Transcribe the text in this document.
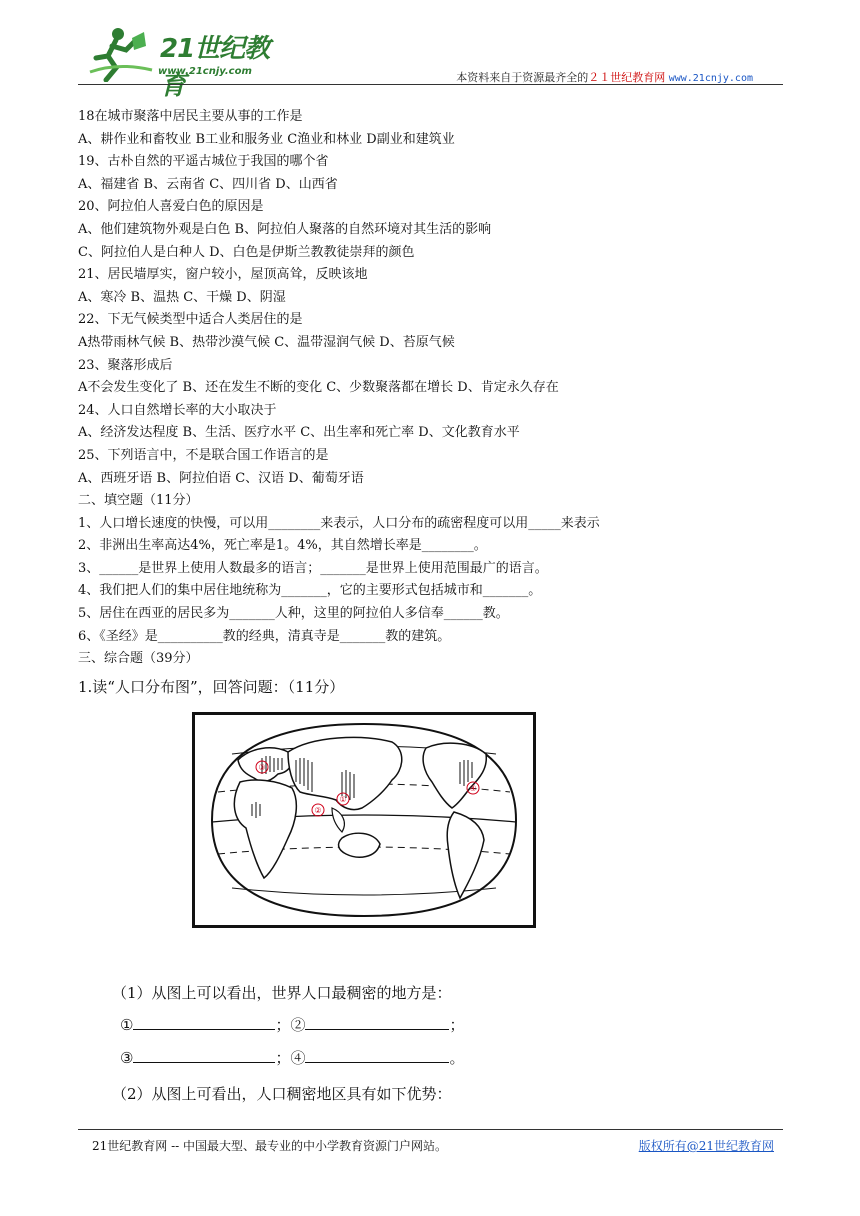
21世纪教育
www.21cnjy.com	本资料来自于资源最齐全的２１世纪教育网 www.21cnjy.com
18在城市聚落中居民主要从事的工作是
A、耕作业和畜牧业 B工业和服务业 C渔业和林业 D副业和建筑业
19、古朴自然的平遥古城位于我国的哪个省
A、福建省 B、云南省 C、四川省 D、山西省
20、阿拉伯人喜爱白色的原因是
A、他们建筑物外观是白色 B、阿拉伯人聚落的自然环境对其生活的影响
C、阿拉伯人是白种人 D、白色是伊斯兰教教徒崇拜的颜色
21、居民墙厚实，窗户较小，屋顶高耸，反映该地
A、寒冷 B、温热 C、干燥 D、阴湿
22、下无气候类型中适合人类居住的是
A热带雨林气候 B、热带沙漠气候 C、温带湿润气候 D、苔原气候
23、聚落形成后
A不会发生变化了 B、还在发生不断的变化 C、少数聚落都在增长 D、肯定永久存在
24、人口自然增长率的大小取决于
A、经济发达程度 B、生活、医疗水平 C、出生率和死亡率 D、文化教育水平
25、下列语言中，不是联合国工作语言的是
A、西班牙语 B、阿拉伯语 C、汉语 D、葡萄牙语
二、填空题（11分）
1、人口增长速度的快慢，可以用________来表示，人口分布的疏密程度可以用_____来表示
2、非洲出生率高达4%，死亡率是1。4%，其自然增长率是________。
3、______是世界上使用人数最多的语言；_______是世界上使用范围最广的语言。
4、我们把人们的集中居住地统称为_______，它的主要形式包括城市和_______。
5、居住在西亚的居民多为_______人种，这里的阿拉伯人多信奉______教。
6、《圣经》是__________教的经典，清真寺是_______教的建筑。
三、综合题（39分）
1.读“人口分布图”，回答问题：（11分）
③
②
①
④
（1）从图上可以看出，世界人口最稠密的地方是：
①	；②	；
③	；④	。
（2）从图上可看出，人口稠密地区具有如下优势：
21世纪教育网 -- 中国最大型、最专业的中小学教育资源门户网站。	版权所有@21世纪教育网
